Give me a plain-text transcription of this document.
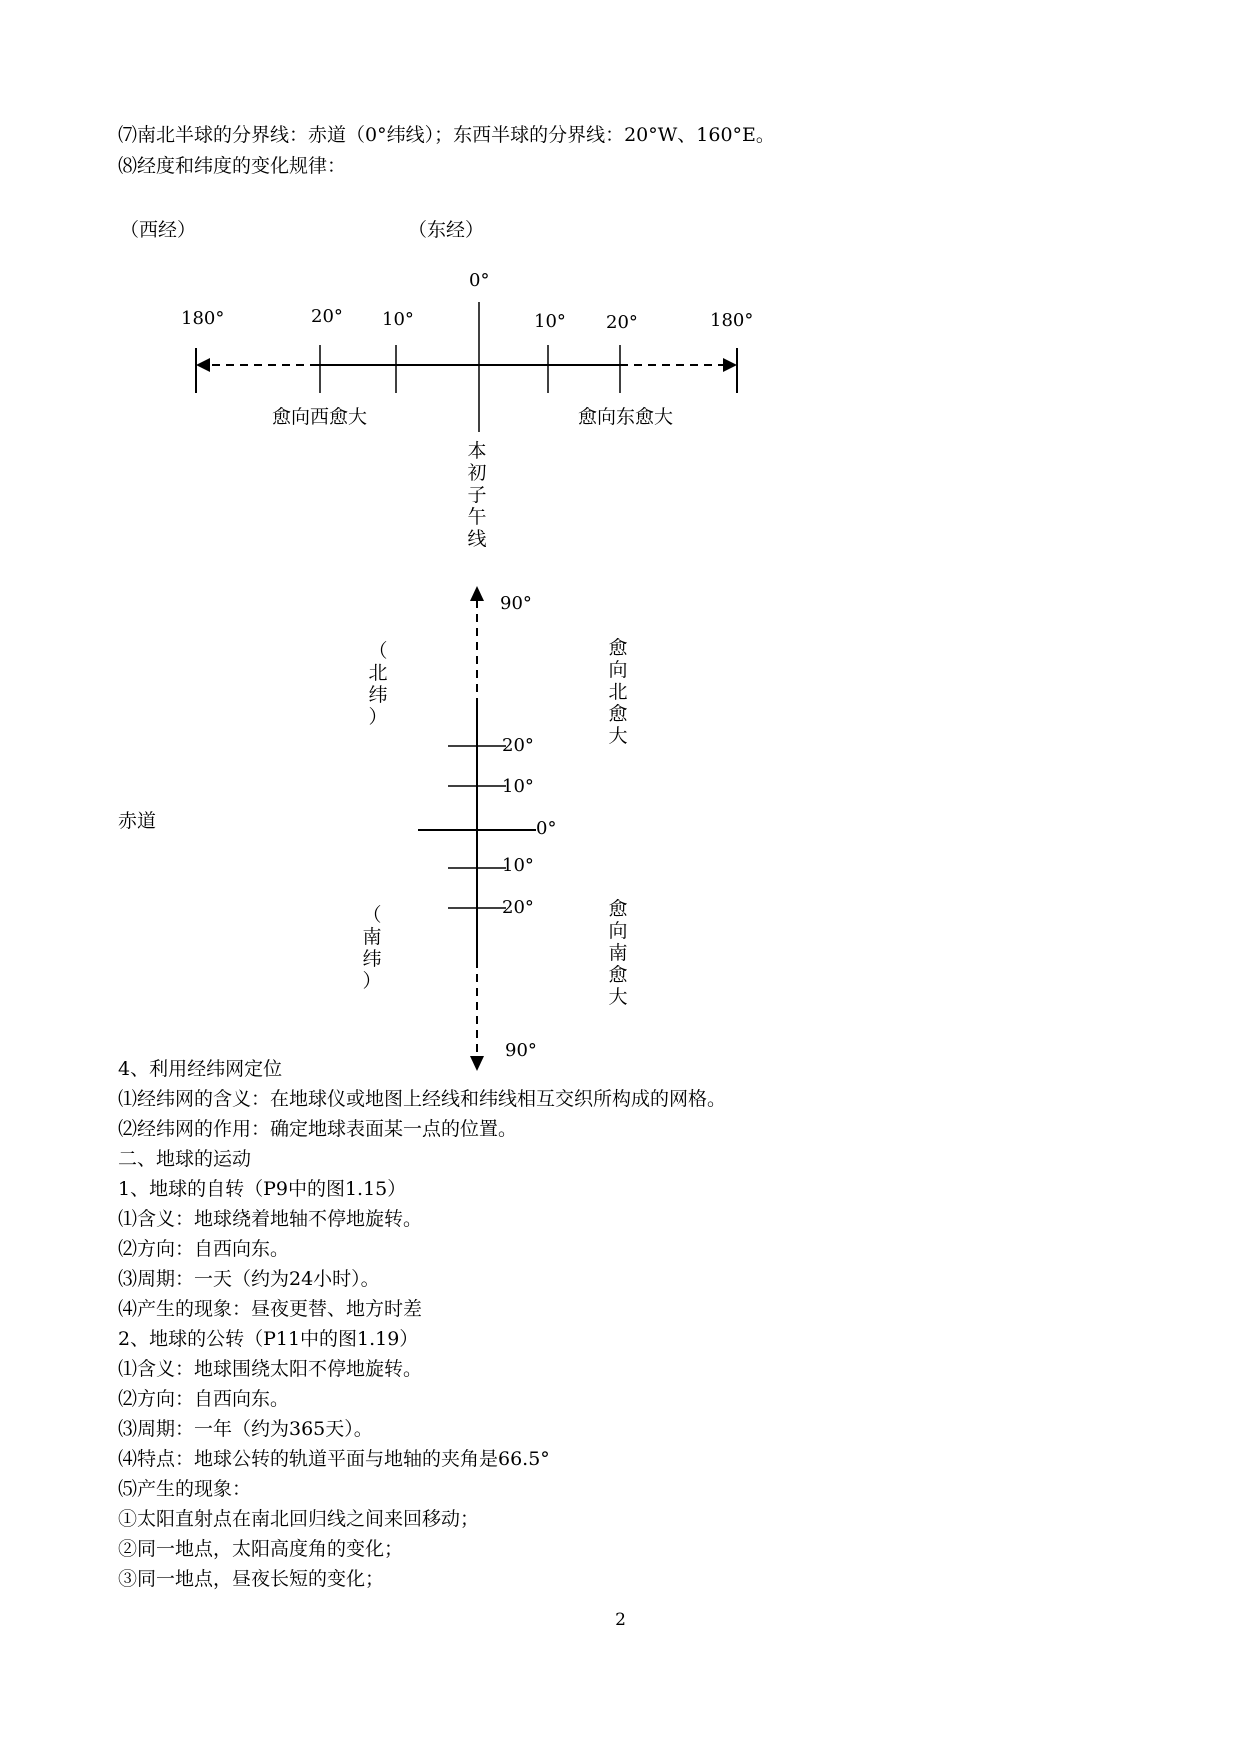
⑺南北半球的分界线：赤道（0°纬线）；东西半球的分界线：20°W、160°E。
⑻经度和纬度的变化规律：
（西经）	（东经）
0°
180°	20° 10°	10° 20°	180°
愈向西愈大	愈向东愈大
本
初
子
午
线
90°
（
北
纬
）
愈
向
北
愈
大
20°
10°
赤道	0°
10°
20°
（
南
纬
）
愈
向
南
愈
大
90°
4、利用经纬网定位
⑴经纬网的含义：在地球仪或地图上经线和纬线相互交织所构成的网格。
⑵经纬网的作用：确定地球表面某一点的位置。
二、地球的运动
1、地球的自转（P9中的图1.15）
⑴含义：地球绕着地轴不停地旋转。
⑵方向：自西向东。
⑶周期：一天（约为24小时）。
⑷产生的现象：昼夜更替、地方时差
2、地球的公转（P11中的图1.19）
⑴含义：地球围绕太阳不停地旋转。
⑵方向：自西向东。
⑶周期：一年（约为365天）。
⑷特点：地球公转的轨道平面与地轴的夹角是66.5°
⑸产生的现象：
①太阳直射点在南北回归线之间来回移动；
②同一地点，太阳高度角的变化；
③同一地点，昼夜长短的变化；
2
